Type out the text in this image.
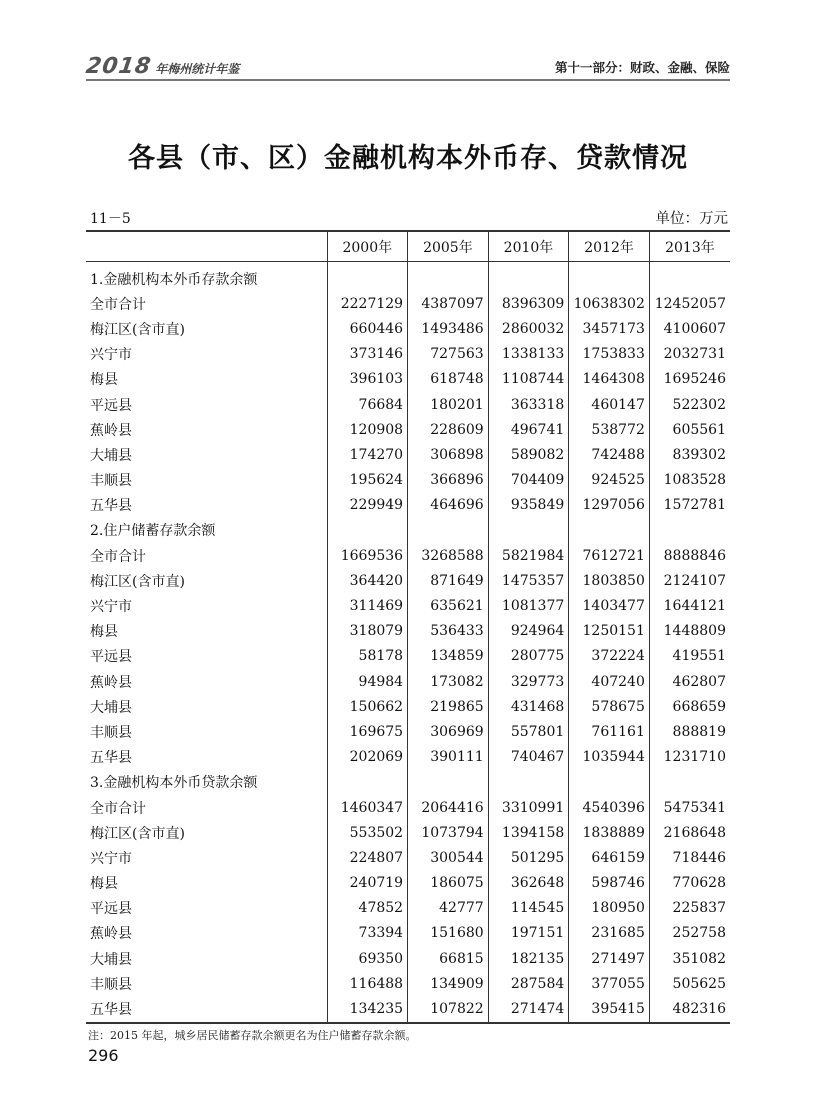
2018 年梅州统计年鉴	第十一部分：财政、金融、保险
各县（市、区）金融机构本外币存、贷款情况
11－5	单位：万元
	2000年	2005年	2010年	2012年	2013年
1.金融机构本外币存款余额					
全市合计	2227129	4387097	8396309	10638302	12452057
梅江区(含市直)	660446	1493486	2860032	3457173	4100607
兴宁市	373146	727563	1338133	1753833	2032731
梅县	396103	618748	1108744	1464308	1695246
平远县	76684	180201	363318	460147	522302
蕉岭县	120908	228609	496741	538772	605561
大埔县	174270	306898	589082	742488	839302
丰顺县	195624	366896	704409	924525	1083528
五华县	229949	464696	935849	1297056	1572781
2.住户储蓄存款余额					
全市合计	1669536	3268588	5821984	7612721	8888846
梅江区(含市直)	364420	871649	1475357	1803850	2124107
兴宁市	311469	635621	1081377	1403477	1644121
梅县	318079	536433	924964	1250151	1448809
平远县	58178	134859	280775	372224	419551
蕉岭县	94984	173082	329773	407240	462807
大埔县	150662	219865	431468	578675	668659
丰顺县	169675	306969	557801	761161	888819
五华县	202069	390111	740467	1035944	1231710
3.金融机构本外币贷款余额					
全市合计	1460347	2064416	3310991	4540396	5475341
梅江区(含市直)	553502	1073794	1394158	1838889	2168648
兴宁市	224807	300544	501295	646159	718446
梅县	240719	186075	362648	598746	770628
平远县	47852	42777	114545	180950	225837
蕉岭县	73394	151680	197151	231685	252758
大埔县	69350	66815	182135	271497	351082
丰顺县	116488	134909	287584	377055	505625
五华县	134235	107822	271474	395415	482316
注：2015 年起，城乡居民储蓄存款余额更名为住户储蓄存款余额。
296
